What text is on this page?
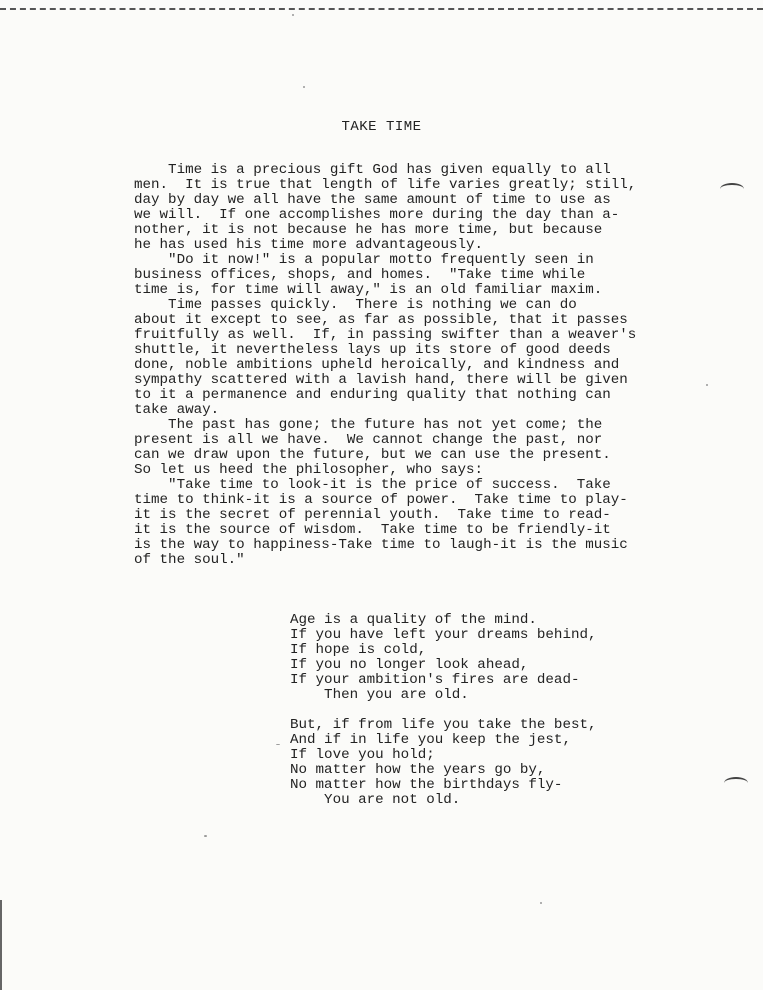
TAKE TIME
Time is a precious gift God has given equally to all
men.  It is true that length of life varies greatly; still,
day by day we all have the same amount of time to use as
we will.  If one accomplishes more during the day than a-
nother, it is not because he has more time, but because
he has used his time more advantageously.
"Do it now!" is a popular motto frequently seen in
business offices, shops, and homes.  "Take time while
time is, for time will away," is an old familiar maxim.
Time passes quickly.  There is nothing we can do
about it except to see, as far as possible, that it passes
fruitfully as well.  If, in passing swifter than a weaver's
shuttle, it nevertheless lays up its store of good deeds
done, noble ambitions upheld heroically, and kindness and
sympathy scattered with a lavish hand, there will be given
to it a permanence and enduring quality that nothing can
take away.
The past has gone; the future has not yet come; the
present is all we have.  We cannot change the past, nor
can we draw upon the future, but we can use the present.
So let us heed the philosopher, who says:
"Take time to look-it is the price of success.  Take
time to think-it is a source of power.  Take time to play-
it is the secret of perennial youth.  Take time to read-
it is the source of wisdom.  Take time to be friendly-it
is the way to happiness-Take time to laugh-it is the music
of the soul."
Age is a quality of the mind.
If you have left your dreams behind,
If hope is cold,
If you no longer look ahead,
If your ambition's fires are dead-
Then you are old.
But, if from life you take the best,
And if in life you keep the jest,
If love you hold;
No matter how the years go by,
No matter how the birthdays fly-
You are not old.
